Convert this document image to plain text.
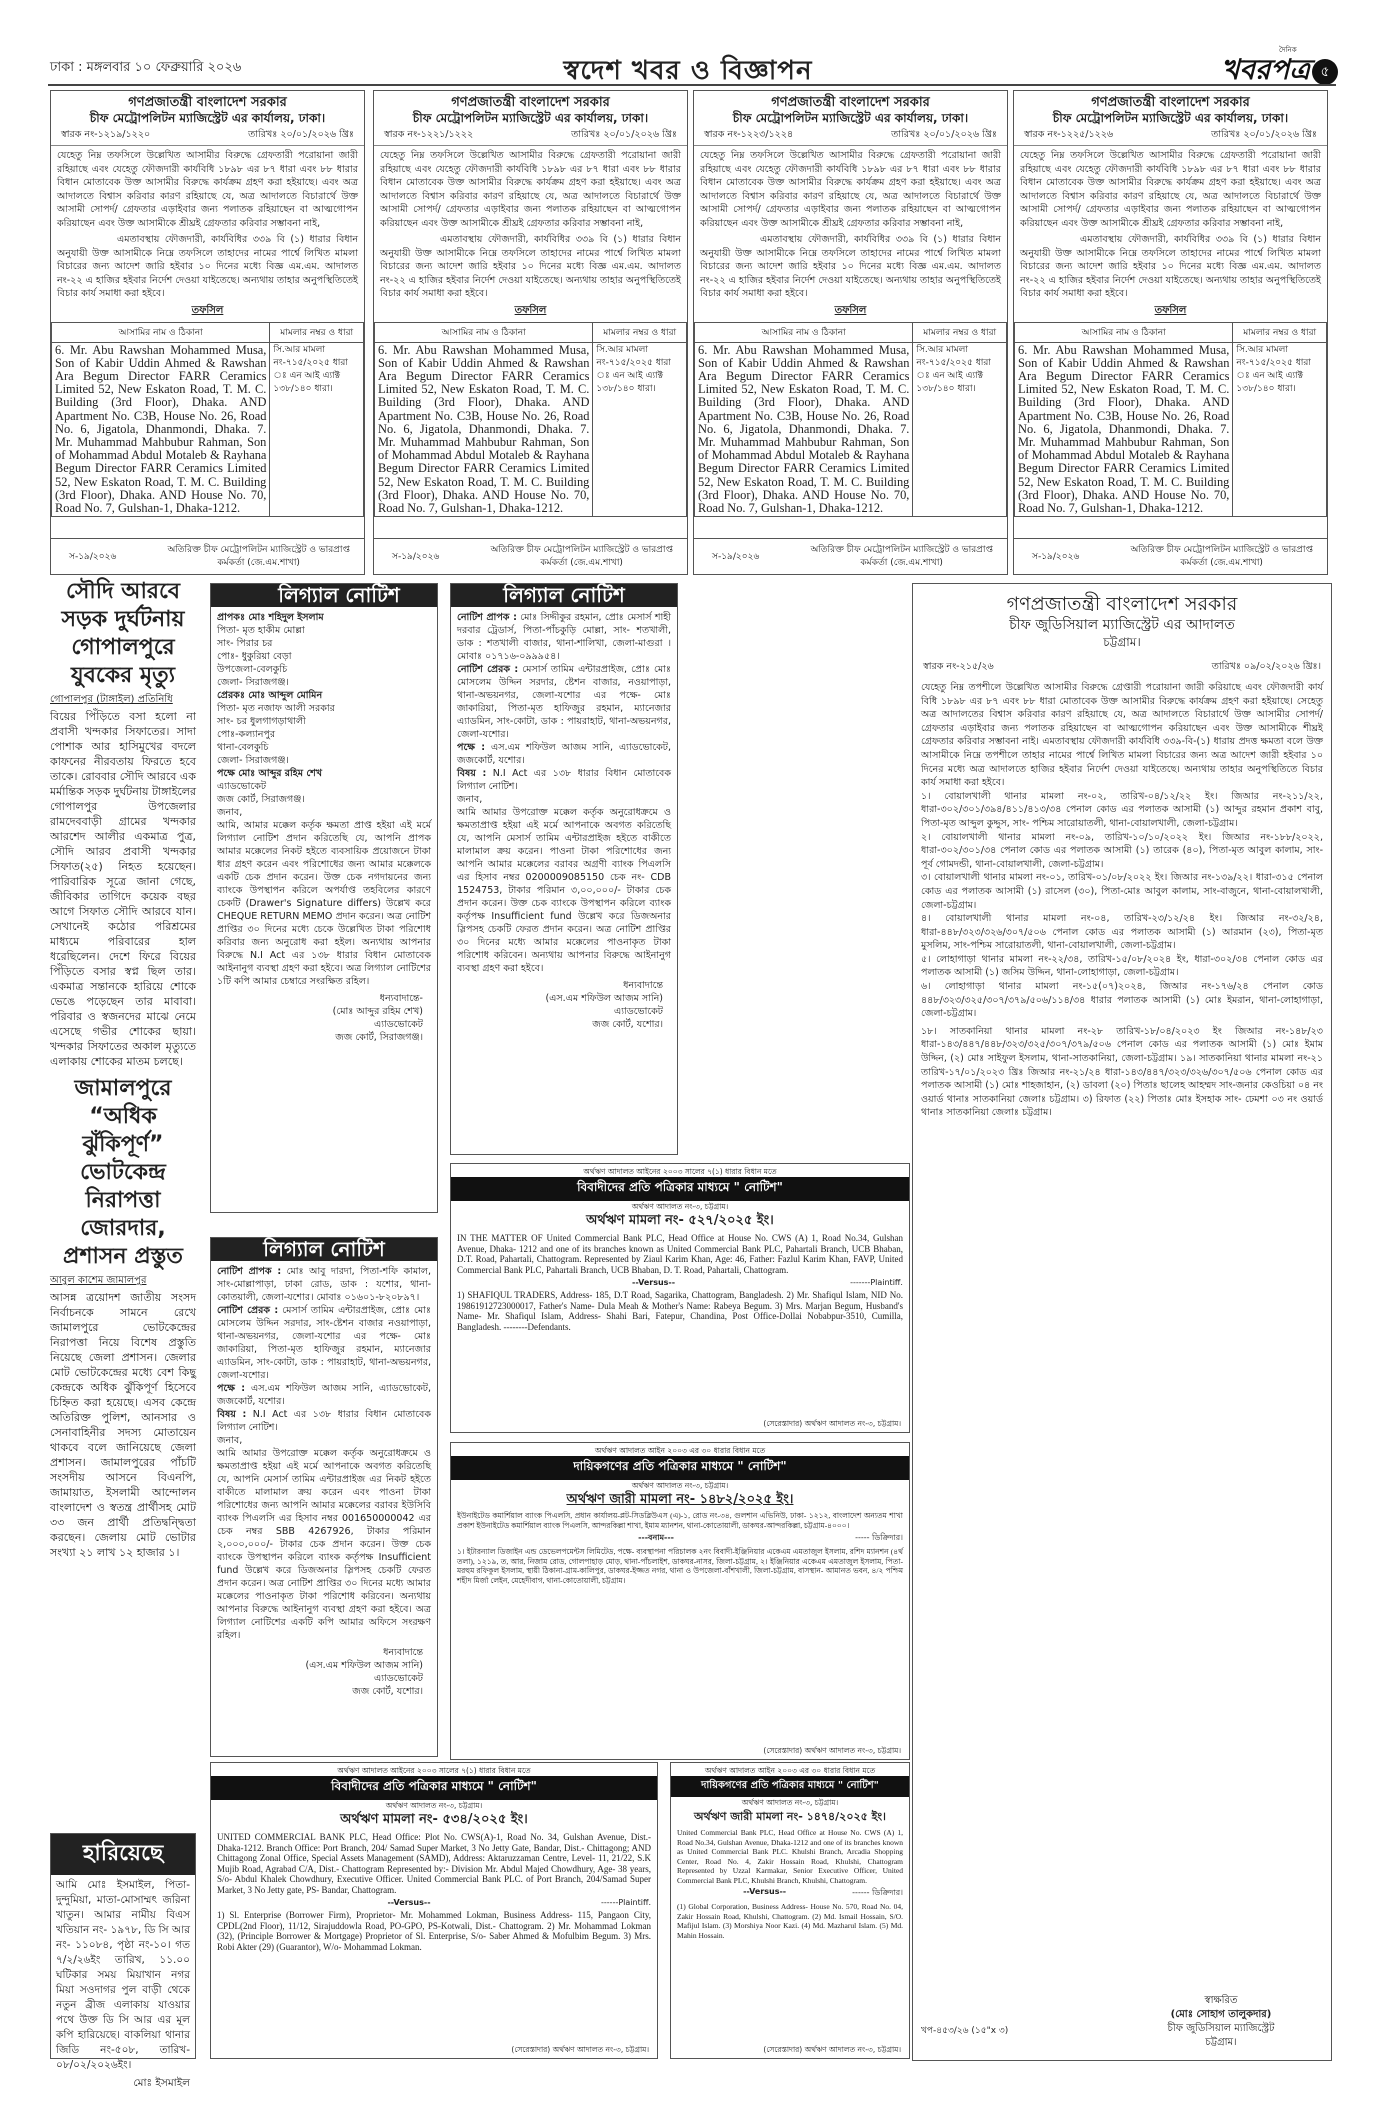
ঢাকা : মঙ্গলবার ১০ ফেব্রুয়ারি ২০২৬	স্বদেশ খবর ও বিজ্ঞাপন
দৈনিক
খবরপত্র ৫
গণপ্রজাতন্ত্রী বাংলাদেশ সরকার
চীফ মেট্রোপলিটন ম্যাজিস্ট্রেট এর কার্যালয়, ঢাকা।
স্বারক নং-১২১৯/১২২০	তারিখঃ ২০/০১/২০২৬ খ্রিঃ
যেহেতু নিম্ন তফসিলে উল্লেখিত আসামীর বিরুদ্ধে গ্রেফতারী পরোয়ানা জারী রহিয়াছে এবং যেহেতু ফৌজদারী কার্যবিধি ১৮৯৮ এর ৮৭ ধারা এবং ৮৮ ধারার বিধান মোতাবেক উক্ত আসামীর বিরুদ্ধে কার্যক্রম গ্রহণ করা হইয়াছে। এবং অত্র আদালতে বিশ্বাস করিবার কারণ রহিয়াছে যে, অত্র আদালতে বিচারার্থে উক্ত আসামী সোপর্দ/ গ্রেফতার এড়াইবার জন্য পলাতক রহিয়াছেন বা আত্মগোপন করিয়াছেন এবং উক্ত আসামীকে শ্রীঘ্রই গ্রেফতার করিবার সম্ভাবনা নাই,
এমতাবস্থায় ফৌজদারী, কার্যবিধির ৩৩৯ বি (১) ধারার বিধান অনুযায়ী উক্ত আসামীকে নিম্নে তফসিলে তাহাদের নামের পার্শ্বে লিখিত মামলা বিচারের জন্য আদেশ জারি হইবার ১০ দিনের মধ্যে বিজ্ঞ এম.এম. আদালত নং-২২ এ হাজির হইবার নির্দেশ দেওয়া যাইতেছে। অন্যথায় তাহার অনুপস্থিতিতেই বিচার কার্য সমাধা করা হইবে।
তফসিল
আসামির নাম ও ঠিকানা	মামলার নম্বর ও ধারা
6. Mr. Abu Rawshan Mohammed Musa, Son of Kabir Uddin Ahmed & Rawshan Ara Begum Director FARR Ceramics Limited 52, New Eskaton Road, T. M. C. Building (3rd Floor), Dhaka. AND Apartment No. C3B, House No. 26, Road No. 6, Jigatola, Dhanmondi, Dhaka. 7. Mr. Muhammad Mahbubur Rahman, Son of Mohammad Abdul Motaleb & Rayhana Begum Director FARR Ceramics Limited 52, New Eskaton Road, T. M. C. Building (3rd Floor), Dhaka. AND House No. 70, Road No. 7, Gulshan-1, Dhaka-1212.	সি.আর মামলা নং-৭১৫/২০২৫ ধারা ঃ এন আই এ্যাক্ট ১৩৮/১৪০ ধারা।
স-১৯/২০২৬
অতিরিক্ত চীফ মেট্রোপলিটন ম্যাজিস্ট্রেট ও ভারপ্রাপ্ত কর্মকর্তা (জে.এম.শাখা)
গণপ্রজাতন্ত্রী বাংলাদেশ সরকার
চীফ মেট্রোপলিটন ম্যাজিস্ট্রেট এর কার্যালয়, ঢাকা।
স্বারক নং-১২২১/১২২২	তারিখঃ ২০/০১/২০২৬ খ্রিঃ
যেহেতু নিম্ন তফসিলে উল্লেখিত আসামীর বিরুদ্ধে গ্রেফতারী পরোয়ানা জারী রহিয়াছে এবং যেহেতু ফৌজদারী কার্যবিধি ১৮৯৮ এর ৮৭ ধারা এবং ৮৮ ধারার বিধান মোতাবেক উক্ত আসামীর বিরুদ্ধে কার্যক্রম গ্রহণ করা হইয়াছে। এবং অত্র আদালতে বিশ্বাস করিবার কারণ রহিয়াছে যে, অত্র আদালতে বিচারার্থে উক্ত আসামী সোপর্দ/ গ্রেফতার এড়াইবার জন্য পলাতক রহিয়াছেন বা আত্মগোপন করিয়াছেন এবং উক্ত আসামীকে শ্রীঘ্রই গ্রেফতার করিবার সম্ভাবনা নাই,
এমতাবস্থায় ফৌজদারী, কার্যবিধির ৩৩৯ বি (১) ধারার বিধান অনুযায়ী উক্ত আসামীকে নিম্নে তফসিলে তাহাদের নামের পার্শ্বে লিখিত মামলা বিচারের জন্য আদেশ জারি হইবার ১০ দিনের মধ্যে বিজ্ঞ এম.এম. আদালত নং-২২ এ হাজির হইবার নির্দেশ দেওয়া যাইতেছে। অন্যথায় তাহার অনুপস্থিতিতেই বিচার কার্য সমাধা করা হইবে।
তফসিল
আসামির নাম ও ঠিকানা	মামলার নম্বর ও ধারা
6. Mr. Abu Rawshan Mohammed Musa, Son of Kabir Uddin Ahmed & Rawshan Ara Begum Director FARR Ceramics Limited 52, New Eskaton Road, T. M. C. Building (3rd Floor), Dhaka. AND Apartment No. C3B, House No. 26, Road No. 6, Jigatola, Dhanmondi, Dhaka. 7. Mr. Muhammad Mahbubur Rahman, Son of Mohammad Abdul Motaleb & Rayhana Begum Director FARR Ceramics Limited 52, New Eskaton Road, T. M. C. Building (3rd Floor), Dhaka. AND House No. 70, Road No. 7, Gulshan-1, Dhaka-1212.	সি.আর মামলা নং-৭১৫/২০২৫ ধারা ঃ এন আই এ্যাক্ট ১৩৮/১৪০ ধারা।
স-১৯/২০২৬
অতিরিক্ত চীফ মেট্রোপলিটন ম্যাজিস্ট্রেট ও ভারপ্রাপ্ত কর্মকর্তা (জে.এম.শাখা)
গণপ্রজাতন্ত্রী বাংলাদেশ সরকার
চীফ মেট্রোপলিটন ম্যাজিস্ট্রেট এর কার্যালয়, ঢাকা।
স্বারক নং-১২২৩/১২২৪	তারিখঃ ২০/০১/২০২৬ খ্রিঃ
যেহেতু নিম্ন তফসিলে উল্লেখিত আসামীর বিরুদ্ধে গ্রেফতারী পরোয়ানা জারী রহিয়াছে এবং যেহেতু ফৌজদারী কার্যবিধি ১৮৯৮ এর ৮৭ ধারা এবং ৮৮ ধারার বিধান মোতাবেক উক্ত আসামীর বিরুদ্ধে কার্যক্রম গ্রহণ করা হইয়াছে। এবং অত্র আদালতে বিশ্বাস করিবার কারণ রহিয়াছে যে, অত্র আদালতে বিচারার্থে উক্ত আসামী সোপর্দ/ গ্রেফতার এড়াইবার জন্য পলাতক রহিয়াছেন বা আত্মগোপন করিয়াছেন এবং উক্ত আসামীকে শ্রীঘ্রই গ্রেফতার করিবার সম্ভাবনা নাই,
এমতাবস্থায় ফৌজদারী, কার্যবিধির ৩৩৯ বি (১) ধারার বিধান অনুযায়ী উক্ত আসামীকে নিম্নে তফসিলে তাহাদের নামের পার্শ্বে লিখিত মামলা বিচারের জন্য আদেশ জারি হইবার ১০ দিনের মধ্যে বিজ্ঞ এম.এম. আদালত নং-২২ এ হাজির হইবার নির্দেশ দেওয়া যাইতেছে। অন্যথায় তাহার অনুপস্থিতিতেই বিচার কার্য সমাধা করা হইবে।
তফসিল
আসামির নাম ও ঠিকানা	মামলার নম্বর ও ধারা
6. Mr. Abu Rawshan Mohammed Musa, Son of Kabir Uddin Ahmed & Rawshan Ara Begum Director FARR Ceramics Limited 52, New Eskaton Road, T. M. C. Building (3rd Floor), Dhaka. AND Apartment No. C3B, House No. 26, Road No. 6, Jigatola, Dhanmondi, Dhaka. 7. Mr. Muhammad Mahbubur Rahman, Son of Mohammad Abdul Motaleb & Rayhana Begum Director FARR Ceramics Limited 52, New Eskaton Road, T. M. C. Building (3rd Floor), Dhaka. AND House No. 70, Road No. 7, Gulshan-1, Dhaka-1212.	সি.আর মামলা নং-৭১৫/২০২৫ ধারা ঃ এন আই এ্যাক্ট ১৩৮/১৪০ ধারা।
স-১৯/২০২৬
অতিরিক্ত চীফ মেট্রোপলিটন ম্যাজিস্ট্রেট ও ভারপ্রাপ্ত কর্মকর্তা (জে.এম.শাখা)
গণপ্রজাতন্ত্রী বাংলাদেশ সরকার
চীফ মেট্রোপলিটন ম্যাজিস্ট্রেট এর কার্যালয়, ঢাকা।
স্বারক নং-১২২৫/১২২৬	তারিখঃ ২০/০১/২০২৬ খ্রিঃ
যেহেতু নিম্ন তফসিলে উল্লেখিত আসামীর বিরুদ্ধে গ্রেফতারী পরোয়ানা জারী রহিয়াছে এবং যেহেতু ফৌজদারী কার্যবিধি ১৮৯৮ এর ৮৭ ধারা এবং ৮৮ ধারার বিধান মোতাবেক উক্ত আসামীর বিরুদ্ধে কার্যক্রম গ্রহণ করা হইয়াছে। এবং অত্র আদালতে বিশ্বাস করিবার কারণ রহিয়াছে যে, অত্র আদালতে বিচারার্থে উক্ত আসামী সোপর্দ/ গ্রেফতার এড়াইবার জন্য পলাতক রহিয়াছেন বা আত্মগোপন করিয়াছেন এবং উক্ত আসামীকে শ্রীঘ্রই গ্রেফতার করিবার সম্ভাবনা নাই,
এমতাবস্থায় ফৌজদারী, কার্যবিধির ৩৩৯ বি (১) ধারার বিধান অনুযায়ী উক্ত আসামীকে নিম্নে তফসিলে তাহাদের নামের পার্শ্বে লিখিত মামলা বিচারের জন্য আদেশ জারি হইবার ১০ দিনের মধ্যে বিজ্ঞ এম.এম. আদালত নং-২২ এ হাজির হইবার নির্দেশ দেওয়া যাইতেছে। অন্যথায় তাহার অনুপস্থিতিতেই বিচার কার্য সমাধা করা হইবে।
তফসিল
আসামির নাম ও ঠিকানা	মামলার নম্বর ও ধারা
6. Mr. Abu Rawshan Mohammed Musa, Son of Kabir Uddin Ahmed & Rawshan Ara Begum Director FARR Ceramics Limited 52, New Eskaton Road, T. M. C. Building (3rd Floor), Dhaka. AND Apartment No. C3B, House No. 26, Road No. 6, Jigatola, Dhanmondi, Dhaka. 7. Mr. Muhammad Mahbubur Rahman, Son of Mohammad Abdul Motaleb & Rayhana Begum Director FARR Ceramics Limited 52, New Eskaton Road, T. M. C. Building (3rd Floor), Dhaka. AND House No. 70, Road No. 7, Gulshan-1, Dhaka-1212.	সি.আর মামলা নং-৭১৫/২০২৫ ধারা ঃ এন আই এ্যাক্ট ১৩৮/১৪০ ধারা।
স-১৯/২০২৬
অতিরিক্ত চীফ মেট্রোপলিটন ম্যাজিস্ট্রেট ও ভারপ্রাপ্ত কর্মকর্তা (জে.এম.শাখা)
সৌদি আরবে সড়ক দুর্ঘটনায় গোপালপুরে যুবকের মৃত্যু
গোপালপুর (টাঙ্গাইল) প্রতিনিধি

বিয়ের পিঁড়িতে বসা হলো না প্রবাসী খন্দকার সিফাতের। সাদা পোশাক আর হাসিমুখের বদলে কাফনের নীরবতায় ফিরতে হবে তাকে। রোববার সৌদি আরবে এক মর্মান্তিক সড়ক দুর্ঘটনায় টাঙ্গাইলের গোপালপুর উপজেলার রামদেববাড়ী গ্রামের খন্দকার আরশেদ আলীর একমাত্র পুত্র, সৌদি আরব প্রবাসী খন্দকার সিফাত(২৫) নিহত হয়েছেন। পারিবারিক সূত্রে জানা গেছে, জীবিকার তাগিদে কয়েক বছর আগে সিফাত সৌদি আরবে যান। সেখানেই কঠোর পরিশ্রমের মাধ্যমে পরিবারের হাল ধরেছিলেন। দেশে ফিরে বিয়ের পিঁড়িতে বসার স্বপ্ন ছিল তার। একমাত্র সন্তানকে হারিয়ে শোকে ভেঙে পড়েছেন তার মাবাবা। পরিবার ও স্বজনদের মাঝে নেমে এসেছে গভীর শোকের ছায়া। খন্দকার সিফাতের অকাল মৃত্যুতে এলাকায় শোকের মাতম চলছে।

জামালপুরে “অধিক ঝুঁকিপূর্ণ” ভোটকেন্দ্র নিরাপত্তা জোরদার, প্রশাসন প্রস্তুত
আবুল কাশেম জামালপুর

আসন্ন ত্রয়োদশ জাতীয় সংসদ নির্বাচনকে সামনে রেখে জামালপুরে ভোটকেন্দ্রের নিরাপত্তা নিয়ে বিশেষ প্রস্তুতি নিয়েছে জেলা প্রশাসন। জেলার মোট ভোটকেন্দ্রের মধ্যে বেশ কিছু কেন্দ্রকে অধিক ঝুঁকিপূর্ণ হিসেবে চিহ্নিত করা হয়েছে। এসব কেন্দ্রে অতিরিক্ত পুলিশ, আনসার ও সেনাবাহিনীর সদস্য মোতায়েন থাকবে বলে জানিয়েছে জেলা প্রশাসন। জামালপুরের পাঁচটি সংসদীয় আসনে বিএনপি, জামায়াত, ইসলামী আন্দোলন বাংলাদেশ ও স্বতন্ত্র প্রার্থীসহ মোট ৩৩ জন প্রার্থী প্রতিদ্বন্দ্বিতা করছেন। জেলায় মোট ভোটার সংখ্যা ২১ লাখ ১২ হাজার ১।

হারিয়েছে

আমি মোঃ ইসমাইল, পিতা- দুন্দুমিয়া, মাতা-মোসাম্মৎ জরিনা খাতুন। আমার নামীয় বিএস খতিয়ান নং- ১৯৭৮, ডি সি আর নং- ১১০৮৪, পৃষ্ঠা নং-১০। গত ৭/২/২৬ইং তারিখ, ১১.০০ ঘটিকার সময় মিয়াখান নগর মিয়া সওদাগর পুল বাড়ী থেকে নতুন ব্রীজ এলাকায় যাওয়ার পথে উক্ত ডি সি আর এর মূল কপি হারিয়েছে। বাকলিয়া থানার জিডি নং-৫০৮, তারিখ- ০৮/০২/২০২৬ইং।

মোঃ ইসমাইল
লিগ্যাল নোটিশ
প্রাপকঃ মোঃ শহিদুল ইসলাম
পিতা- মৃত হাকীম মোল্লা
সাং- পিরার চর
পোঃ- ধুকুরিয়া বেড়া
উপজেলা-বেলকুচি
জেলা- সিরাজগঞ্জ।
প্রেরকঃ মোঃ আব্দুল মোমিন
পিতা- মৃত নজাফ আলী সরকার
সাং- চর ধুলগাগড়াথালী
পোঃ-কল্যানপুর
থানা-বেলকুচি
জেলা- সিরাজগঞ্জ।
পক্ষে মোঃ আব্দুর রহিম শেখ
এ্যাডভোকেট
জজ কোর্ট, সিরাজগঞ্জ।
জনাব,

আমি, আমার মক্কেল কর্তৃক ক্ষমতা প্রাপ্ত হইয়া এই মর্মে লিগ্যাল নোটিশ প্রদান করিতেছি যে, আপনি প্রাপক আমার মক্কেলের নিকট হইতে ব্যবসায়িক প্রয়োজনে টাকা ধার গ্রহণ করেন এবং পরিশোধের জন্য আমার মক্কেলকে একটি চেক প্রদান করেন। উক্ত চেক নগদায়নের জন্য ব্যাংকে উপস্থাপন করিলে অপর্যাপ্ত তহবিলের কারণে চেকটি (Drawer's Signature differs) উল্লেখ করে CHEQUE RETURN MEMO প্রদান করেন। অত্র নোটিশ প্রাপ্তির ৩০ দিনের মধ্যে চেকে উল্লেখিত টাকা পরিশোধ করিবার জন্য অনুরোধ করা হইল। অন্যথায় আপনার বিরুদ্ধে N.I Act এর ১৩৮ ধারার বিধান মোতাবেক আইনানুগ ব্যবস্থা গ্রহণ করা হইবে। অত্র লিগ্যাল নোটিশের ১টি কপি আমার চেম্বারে সংরক্ষিত রহিল।

ধন্যবাদান্তে-
(মোঃ আব্দুর রহিম শেখ)
এ্যাডভোকেট
জজ কোর্ট, সিরাজগঞ্জ।
লিগ্যাল নোটিশ

নোটিশ প্রাপক : মোঃ আবু দারদা, পিতা-শফি কামাল, সাং-মোল্লাপাড়া, ঢাকা রোড, ডাক : যশোর, থানা- কোতয়ালী, জেলা-যশোর। মোবাঃ ০১৬০১-৮২০৮৯৭।

নোটিশ প্রেরক : মেসার্স তামিম এন্টারপ্রাইজ, প্রোঃ মোঃ মোসলেম উদ্দিন সরদার, সাং-ষ্টেশন বাজার নওয়াপাড়া, থানা-অভয়নগর, জেলা-যশোর এর পক্ষে- মোঃ জাকারিয়া, পিতা-মৃত হাফিজুর রহমান, ম্যানেজার এ্যাডমিন, সাং-কোটা, ডাক : পায়রাহাট, থানা-অভয়নগর, জেলা-যশোর।

পক্ষে : এস.এম শফিউল আজম সানি, এ্যাডভোকেট, জজকোর্ট, যশোর।

বিষয় : N.I Act এর ১৩৮ ধারার বিধান মোতাবেক লিগ্যাল নোটিশ।

জনাব,

আমি আমার উপরোক্ত মক্কেল কর্তৃক অনুরোধক্রমে ও ক্ষমতাপ্রাপ্ত হইয়া এই মর্মে আপনাকে অবগত করিতেছি যে, আপনি মেসার্স তামিম এন্টারপ্রাইজ এর নিকট হইতে বাকীতে মালামাল ক্রয় করেন এবং পাওনা টাকা পরিশোধের জন্য আপনি আমার মক্কেলের বরাবর ইউসিবি ব্যাংক পিএলসি এর হিসাব নম্বর 001650000042 এর চেক নম্বর SBB 4267926, টাকার পরিমান ২,০০০,০০০/- টাকার চেক প্রদান করেন। উক্ত চেক ব্যাংকে উপস্থাপন করিলে ব্যাংক কর্তৃপক্ষ Insufficient fund উল্লেখ করে ডিজঅনার স্লিপসহ চেকটি ফেরত প্রদান করেন। অত্র নোটিশ প্রাপ্তির ৩০ দিনের মধ্যে আমার মক্কেলের পাওনাকৃত টাকা পরিশোধ করিবেন। অন্যথায় আপনার বিরুদ্ধে আইনানুগ ব্যবস্থা গ্রহণ করা হইবে। অত্র লিগ্যাল নোটিশের একটি কপি আমার অফিসে সংরক্ষণ রহিল।

ধন্যবাদান্তে
(এস.এম শফিউল আজম সানি)
এ্যাডভোকেট
জজ কোর্ট, যশোর।
লিগ্যাল নোটিশ

নোটিশ প্রাপক : মোঃ সিদ্দীকুর রহমান, প্রোঃ মেসার্স শাহী দরবার ট্রেডার্স, পিতা-পাঁচকুড়ি মোল্লা, সাং- শতখালী, ডাক : শতখালী বাজার, থানা-শালিখা, জেলা-মাগুরা । মোবাঃ ০১৭১৬-০৯৯৯৫৪।

নোটিশ প্রেরক : মেসার্স তামিম এন্টারপ্রাইজ, প্রোঃ মোঃ মোসলেম উদ্দিন সরদার, ষ্টেশন বাজার, নওয়াপাড়া, থানা-অভয়নগর, জেলা-যশোর এর পক্ষে- মোঃ জাকারিয়া, পিতা-মৃত হাফিজুর রহমান, ম্যানেজার এ্যাডমিন, সাং-কোটা, ডাক : পায়রাহাট, থানা-অভয়নগর, জেলা-যশোর।

পক্ষে : এস.এম শফিউল আজম সানি, এ্যাডভোকেট, জজকোর্ট, যশোর।

বিষয় : N.I Act এর ১৩৮ ধারার বিধান মোতাবেক লিগ্যাল নোটিশ।

জনাব,

আমি আমার উপরোক্ত মক্কেল কর্তৃক অনুরোধক্রমে ও ক্ষমতাপ্রাপ্ত হইয়া এই মর্মে আপনাকে অবগত করিতেছি যে, আপনি মেসার্স তামিম এন্টারপ্রাইজ হইতে বাকীতে মালামাল ক্রয় করেন। পাওনা টাকা পরিশোধের জন্য আপনি আমার মক্কেলের বরাবর অগ্রণী ব্যাংক পিএলসি এর হিসাব নম্বর 0200009085150 চেক নং- CDB 1524753, টাকার পরিমান ৩,০০,০০০/- টাকার চেক প্রদান করেন। উক্ত চেক ব্যাংকে উপস্থাপন করিলে ব্যাংক কর্তৃপক্ষ Insufficient fund উল্লেখ করে ডিজঅনার স্লিপসহ চেকটি ফেরত প্রদান করেন। অত্র নোটিশ প্রাপ্তির ৩০ দিনের মধ্যে আমার মক্কেলের পাওনাকৃত টাকা পরিশোধ করিবেন। অন্যথায় আপনার বিরুদ্ধে আইনানুগ ব্যবস্থা গ্রহণ করা হইবে।

ধন্যবাদান্তে
(এস.এম শফিউল আজম সানি)
এ্যাডভোকেট
জজ কোর্ট, যশোর।
অর্থঋণ আদালত আইনের ২০০৩ সালের ৭(১) ধারার বিধান মতে
বিবাদীদের প্রতি পত্রিকার মাধ্যমে " নোটিশ"
অর্থঋণ আদালত নং-৩, চট্টগ্রাম।
অর্থঋণ মামলা নং- ৫২৭/২০২৫ ইং।
IN THE MATTER OF United Commercial Bank PLC, Head Office at House No. CWS (A) 1, Road No.34, Gulshan Avenue, Dhaka- 1212 and one of its branches known as United Commercial Bank PLC, Pahartali Branch, UCB Bhaban, D.T. Road, Pahartali, Chattogram. Represented by Ziaul Karim Khan, Age: 46, Father: Fazlul Karim Khan, FAVP, United Commercial Bank PLC, Pahartali Branch, UCB Bhaban, D. T. Road, Pahartali, Chattogram.
--Versus--	-------Plaintiff.
1) SHAFIQUL TRADERS, Address- 185, D.T Road, Sagarika, Chattogram, Bangladesh. 2) Mr. Shafiqul Islam, NID No. 19861912723000017, Father's Name- Dula Meah & Mother's Name: Rabeya Begum. 3) Mrs. Marjan Begum, Husband's Name- Mr. Shafiqul Islam, Address- Shahi Bari, Fatepur, Chandina, Post Office-Dollai Nobabpur-3510, Cumilla, Bangladesh. --------Defendants.
(সেরেস্তাদার) অর্থঋণ আদালত নং-৩, চট্টগ্রাম।
অর্থঋণ আদালত আইন ২০০৩ এর ৩০ ধারার বিধান মতে
দায়িকগণের প্রতি পত্রিকার মাধ্যমে " নোটিশ"
অর্থঋণ আদালত নং-৩, চট্টগ্রাম।
অর্থঋণ জারী মামলা নং- ১৪৮২/২০২৫ ইং।
ইউনাইটেড কমার্শিয়াল ব্যাংক পিএলসি, প্রধান কার্যালয়-প্লট-সিডব্লিউএস (এ)-১, রোড নং-৩৪, গুলশান এভিনিউ, ঢাকা- ১২১২, বাংলাদেশ অন্যতম শাখা প্রকাশ ইউনাইটেড কমার্শিয়াল ব্যাংক পিএলসি, আন্দরকিল্লা শাখা, ইমাম ম্যানশন, থানা-কোতোয়ালী, ডাকঘর-আন্দরকিল্লা, চট্টগ্রাম-৪০০০।
---বনাম---	----- ডিক্রিদার।
১। ইটারন্যাল ডিজাইন এন্ড ডেভেলপমেন্টস লিমিটেড, পক্ষে- ব্যবস্থাপনা পরিচালক ২নং বিবাদী-ইঞ্জিনিয়ার একেএম এমতাজুল ইসলাম, রশিদ ম্যানশন (৪র্থ তলা), ১২১৯, ত, আর, নিজাম রোড, গোলপাহাড় মোড়, থানা-পাঁচলাইশ, ডাকঘর-নাসর, জিলা-চট্টগ্রাম, ২। ইঞ্জিনিয়ার একেএম এমতাজুল ইসলাম, পিতা-মরহুম রফিকুল ইসলাম, স্থায়ী ঠিকানা-গ্রাম-কালিপুর, ডাকঘর-ইজ্জত নগর, থানা ও উপজেলা-বাঁশখালী, জিলা-চট্টগ্রাম, বাসস্থান- আমানত ভবন, ৪/২ পশ্চিম শহীদ মির্জা লেইন, মেহেদীবাগ, থানা-কোতোয়ালী, চট্টগ্রাম।
(সেরেস্তাদার) অর্থঋণ আদালত নং-৩, চট্টগ্রাম।
অর্থঋণ আদালত আইনের ২০০৩ সালের ৭(১) ধারার বিধান মতে
বিবাদীদের প্রতি পত্রিকার মাধ্যমে " নোটিশ"
অর্থঋণ আদালত নং-৩, চট্টগ্রাম।
অর্থঋণ মামলা নং- ৫৩৪/২০২৫ ইং।
UNITED COMMERCIAL BANK PLC, Head Office: Plot No. CWS(A)-1, Road No. 34, Gulshan Avenue, Dist.- Dhaka-1212. Branch Office: Port Branch, 204/ Samad Super Market, 3 No Jetty Gate, Bandar, Dist.- Chittagong; AND Chittagong Zonal Office, Special Assets Management (SAMD), Address: Aktaruzzaman Centre, Level- 11, 21/22, S.K Mujib Road, Agrabad C/A, Dist.- Chattogram Represented by:- Division Mr. Abdul Majed Chowdhury, Age- 38 years, S/o- Abdul Khalek Chowdhury, Executive Officer. United Commercial Bank PLC. of Port Branch, 204/Samad Super Market, 3 No Jetty gate, PS- Bandar, Chattogram.
--Versus--	------Plaintiff.
1) Sl. Enterprise (Borrower Firm), Proprietor- Mr. Mohammed Lokman, Business Address- 115, Pangaon City, CPDL(2nd Floor), 11/12, Sirajuddowla Road, PO-GPO, PS-Kotwali, Dist.- Chattogram. 2) Mr. Mohammad Lokman (32), (Principle Borrower & Mortgage) Proprietor of Sl. Enterprise, S/o- Saber Ahmed & Mofulbim Begum. 3) Mrs. Robi Akter (29) (Guarantor), W/o- Mohammad Lokman.
(সেরেস্তাদার) অর্থঋণ আদালত নং-৩, চট্টগ্রাম।
অর্থঋণ আদালত আইন ২০০৩ এর ৩০ ধারার বিধান মতে
দায়িকগণের প্রতি পত্রিকার মাধ্যমে " নোটিশ"
অর্থঋণ আদালত নং-৩, চট্টগ্রাম।
অর্থঋণ জারী মামলা নং- ১৪৭৪/২০২৫ ইং।
United Commercial Bank PLC, Head Office at House No. CWS (A) 1, Road No.34, Gulshan Avenue, Dhaka-1212 and one of its branches known as United Commercial Bank PLC. Khulshi Branch, Arcadia Shopping Center, Road No. 4, Zakir Hossain Road, Khulshi, Chattogram Represented by Uzzal Karmakar, Senior Executive Officer, United Commercial Bank PLC, Khulshi Branch, Khulshi, Chattogram.
--Versus--	------ ডিক্রিদার।
(1) Global Corporation, Business Address- House No. 570, Road No. 04, Zakir Hossain Road, Khulshi, Chattogram. (2) Md. Ismail Hossain, S/O. Mafijul Islam. (3) Morshiya Noor Kazi. (4) Md. Mazharul Islam. (5) Md. Mahin Hossain.
(সেরেস্তাদার) অর্থঋণ আদালত নং-৩, চট্টগ্রাম।
গণপ্রজাতন্ত্রী বাংলাদেশ সরকার
চীফ জুডিসিয়াল ম্যাজিস্ট্রেট এর আদালত
চট্টগ্রাম।
স্বারক নং-২১৫/২৬	তারিখঃ ০৯/০২/২০২৬ খ্রিঃ।

যেহেতু নিম্ন তপশীলে উল্লেখিত আসামীর বিরুদ্ধে গ্রেপ্তারী পরোয়ানা জারী করিয়াছে এবং ফৌজদারী কার্য বিধি ১৮৯৮ এর ৮৭ এবং ৮৮ ধারা মোতাবেক উক্ত আসামীর বিরুদ্ধে কার্যক্রম গ্রহণ করা হইয়াছে। সেহেতু অত্র আদালতের বিশ্বাস করিবার কারণ রহিয়াছে যে, অত্র আদালতে বিচারার্থে উক্ত আসামীর সোপর্দ/গ্রেফতার এড়াইবার জন্য পলাতক রহিয়াছেন বা আত্মগোপন করিয়াছেন এবং উক্ত আসামীকে শীঘ্রই গ্রেফতার করিবার সম্ভাবনা নাই। এমতাবস্থায় ফৌজদারী কার্যবিধি ৩৩৯-বি-(১) ধারায় প্রদত্ত ক্ষমতা বলে উক্ত আসামীকে নিম্নে তপশীলে তাহার নামের পার্শ্বে লিখিত মামলা বিচারের জন্য অত্র আদেশ জারী হইবার ১০ দিনের মধ্যে অত্র আদালতে হাজির হইবার নির্দেশ দেওয়া যাইতেছে। অন্যথায় তাহার অনুপস্থিতিতে বিচার কার্য সমাধা করা হইবে।

১। বোয়ালখালী থানার মামলা নং-০২, তারিখ-০৪/১২/২২ ইং। জিআর নং-২১১/২২, ধারা-৩০২/৩০১/৩৯৪/৪১১/৪১৩/৩৪ পেনাল কোড এর পলাতক আসামী (১) আব্দুর রহমান প্রকাশ বাবু, পিতা-মৃত আব্দুল কুদ্দুস, সাং- পশ্চিম সারোয়াতলী, থানা-বোয়ালখালী, জেলা-চট্টগ্রাম।

২। বোয়ালখালী থানার মামলা নং-০৯, তারিখ-১০/১০/২০২২ ইং। জিআর নং-১৮৮/২০২২, ধারা-৩০২/৩০১/৩৪ পেনাল কোড এর পলাতক আসামী (১) তারেক (৪০), পিতা-মৃত আবুল কালাম, সাং-পূর্ব গোমদন্ডী, থানা-বোয়ালখালী, জেলা-চট্টগ্রাম।

৩। বোয়ালখালী থানার মামলা নং-০১, তারিখ-০১/০৮/২০২২ ইং। জিআর নং-১৩৯/২২। ধারা-৩১৫ পেনাল কোড এর পলাতক আসামী (১) রাসেল (৩০), পিতা-মোঃ আবুল কালাম, সাং-বাজুনে, থানা-বোয়ালখালী, জেলা-চট্টগ্রাম।

৪। বোয়ালখালী থানার মামলা নং-০৪, তারিখ-২৩/১২/২৪ ইং। জিআর নং-৩২/২৪, ধারা-৪৪৮/৩২৩/৩২৬/৩০৭/৫০৬ পেনাল কোড এর পলাতক আসামী (১) আরমান (২৩), পিতা-মৃত মুসলিম, সাং-পশ্চিম সারোয়াতলী, থানা-বোয়ালখালী, জেলা-চট্টগ্রাম।

৫। লোহাগাড়া থানার মামলা নং-২২/৩৪, তারিখ-১৫/০৮/২০২৪ ইং, ধারা-৩০২/৩৪ পেনাল কোড এর পলাতক আসামী (১) জসিম উদ্দিন, থানা-লোহাগাড়া, জেলা-চট্টগ্রাম।

৬। লোহাগাড়া থানার মামলা নং-১৫(০৭)২০২৪, জিআর নং-১৭৬/২৪ পেনাল কোড ৪৪৮/৩২৩/৩২৫/৩০৭/৩৭৯/৫০৬/১১৪/৩৪ ধারার পলাতক আসামী (১) মোঃ ইমরান, থানা-লোহাগাড়া, জেলা-চট্টগ্রাম।

১৮। সাতকানিয়া থানার মামলা নং-২৮ তারিখ-১৮/০৪/২০২৩ ইং জিআর নং-১৪৮/২৩ ধারা-১৪৩/৪৪৭/৪৪৮/৩২৩/৩২৫/৩০৭/৩৭৯/৫০৬ পেনাল কোড এর পলাতক আসামী (১) মোঃ ইমাম উদ্দিন, (২) মোঃ সাইফুল ইসলাম, থানা-সাতকানিয়া, জেলা-চট্টগ্রাম। ১৯। সাতকানিয়া থানার মামলা নং-২১ তারিখ-১৭/০১/২০২৩ খ্রিঃ জিআর নং-২১/২৪ ধারা-১৪৩/৪৪৭/৩২৩/৩২৬/৩০৭/৫০৬ পেনাল কোড এর পলাতক আসামী (১) মোঃ শাহজাহান, (২) ডাবলা (২০) পিতাঃ ছালেহ আহম্মদ সাং-জনার কেওচিয়া ০৪ নং ওয়ার্ড থানাঃ সাতকানিয়া জেলাঃ চট্টগ্রাম। ৩) রিফাত (২২) পিতাঃ মোঃ ইসহাক সাং- ঢেমশা ০৩ নং ওয়ার্ড থানাঃ সাতকানিয়া জেলাঃ চট্টগ্রাম।

খপ-৪৫৩/২৬ (১৫"x ৩)
স্বাক্ষরিত
(মোঃ সোহাগ তালুকদার)
চীফ জুডিসিয়াল ম্যাজিস্ট্রেট
চট্টগ্রাম।
